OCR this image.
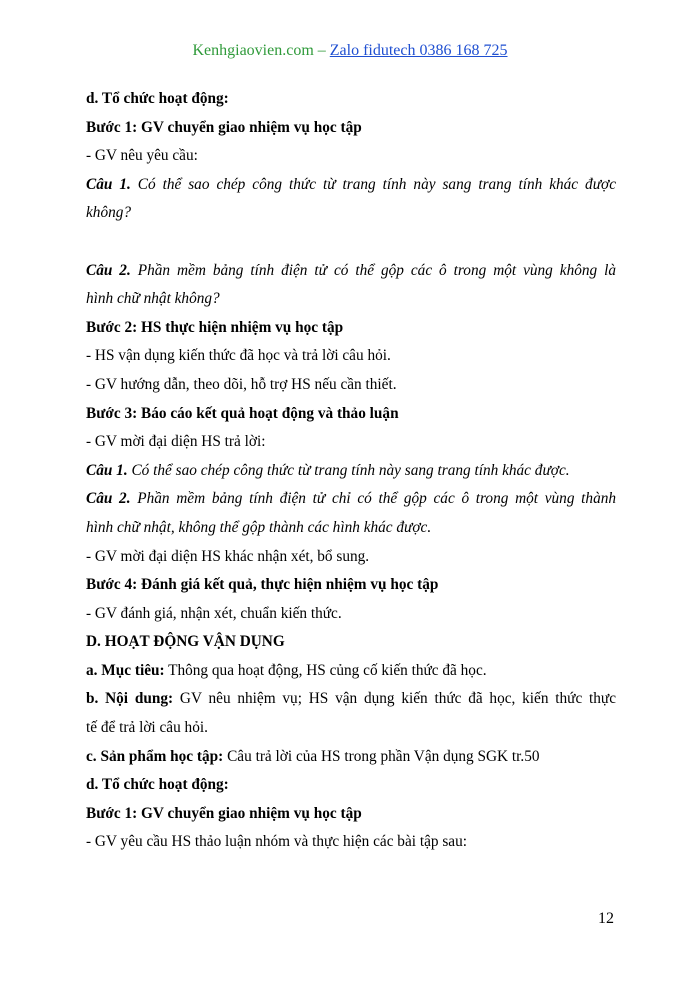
Kenhgiaovien.com – Zalo fidutech 0386 168 725
d. Tổ chức hoạt động:
Bước 1: GV chuyển giao nhiệm vụ học tập
- GV nêu yêu cầu:
Câu 1. Có thể sao chép công thức từ trang tính này sang trang tính khác được
không?
Câu 2. Phần mềm bảng tính điện tử có thể gộp các ô trong một vùng không là
hình chữ nhật không?
Bước 2: HS thực hiện nhiệm vụ học tập
- HS vận dụng kiến thức đã học và trả lời câu hỏi.
- GV hướng dẫn, theo dõi, hỗ trợ HS nếu cần thiết.
Bước 3: Báo cáo kết quả hoạt động và thảo luận
- GV mời đại diện HS trả lời:
Câu 1. Có thể sao chép công thức từ trang tính này sang trang tính khác được.
Câu 2. Phần mềm bảng tính điện tử chỉ có thể gộp các ô trong một vùng thành
hình chữ nhật, không thể gộp thành các hình khác được.
- GV mời đại diện HS khác nhận xét, bổ sung.
Bước 4: Đánh giá kết quả, thực hiện nhiệm vụ học tập
- GV đánh giá, nhận xét, chuẩn kiến thức.
D. HOẠT ĐỘNG VẬN DỤNG
a. Mục tiêu: Thông qua hoạt động, HS củng cố kiến thức đã học.
b. Nội dung: GV nêu nhiệm vụ; HS vận dụng kiến thức đã học, kiến thức thực
tế để trả lời câu hỏi.
c. Sản phẩm học tập: Câu trả lời của HS trong phần Vận dụng SGK tr.50
d. Tổ chức hoạt động:
Bước 1: GV chuyển giao nhiệm vụ học tập
- GV yêu cầu HS thảo luận nhóm và thực hiện các bài tập sau:
12
